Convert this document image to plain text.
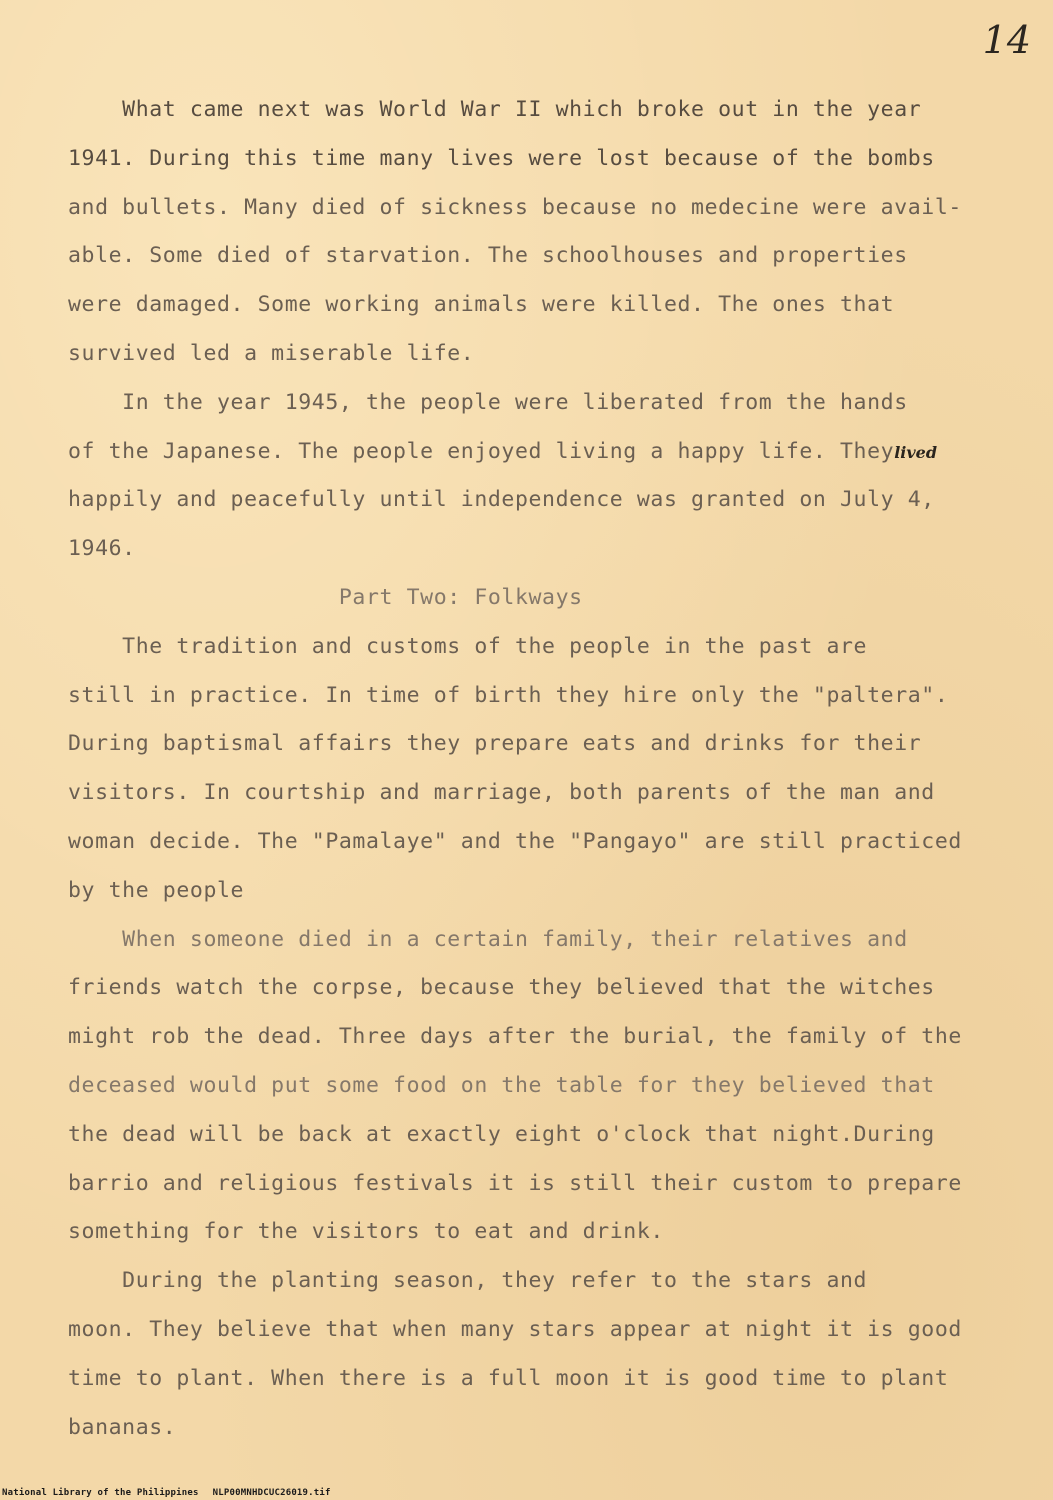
14
What came next was World War II which broke out in the year
1941. During this time many lives were lost because of the bombs
and bullets. Many died of sickness because no medecine were avail-
able. Some died of starvation. The schoolhouses and properties
were damaged. Some working animals were killed. The ones that
survived led a miserable life.
In the year 1945, the people were liberated from the hands
of the Japanese. The people enjoyed living a happy life. Theylived
happily and peacefully until independence was granted on July 4,
1946.
Part Two: Folkways
The tradition and customs of the people in the past are
still in practice. In time of birth they hire only the "paltera".
During baptismal affairs they prepare eats and drinks for their
visitors. In courtship and marriage, both parents of the man and
woman decide. The "Pamalaye" and the "Pangayo" are still practiced
by the people
When someone died in a certain family, their relatives and
friends watch the corpse, because they believed that the witches
might rob the dead. Three days after the burial, the family of the
deceased would put some food on the table for they believed that
the dead will be back at exactly eight o'clock that night.During
barrio and religious festivals it is still their custom to prepare
something for the visitors to eat and drink.
During the planting season, they refer to the stars and
moon. They believe that when many stars appear at night it is good
time to plant. When there is a full moon it is good time to plant
bananas.
National Library of the Philippines NLP00MNHDCUC26019.tif
